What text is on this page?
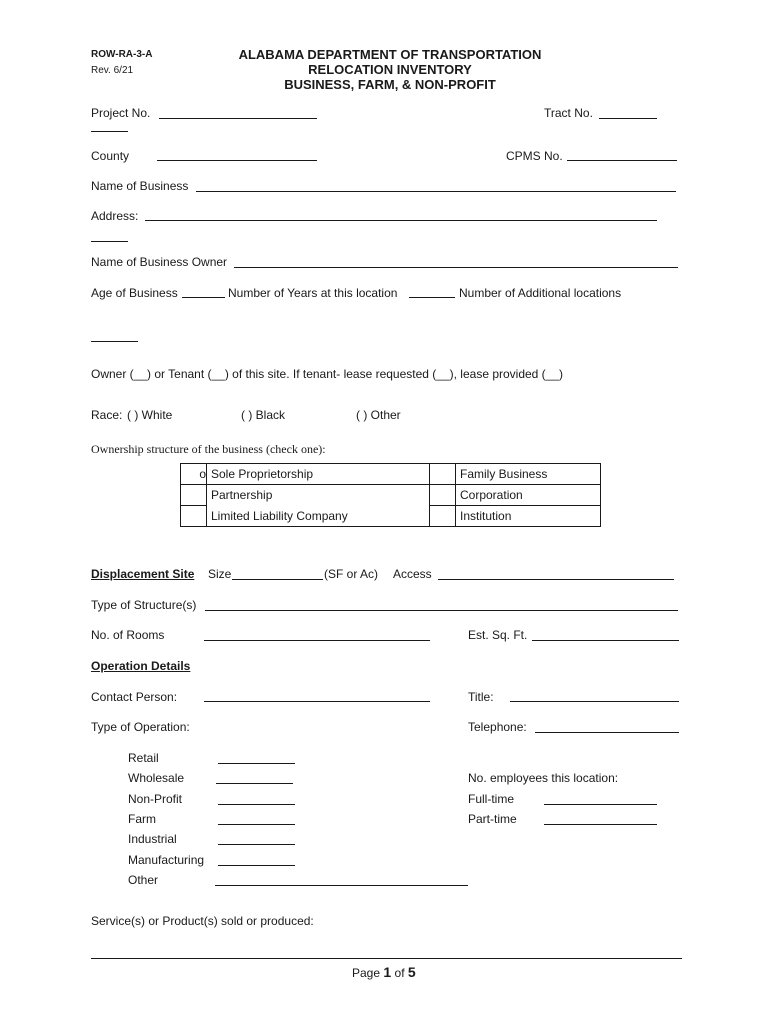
ROW-RA-3-A
Rev. 6/21
ALABAMA DEPARTMENT OF TRANSPORTATION
RELOCATION INVENTORY
BUSINESS, FARM, & NON-PROFIT
Project No.	Tract No.
County	CPMS No.
Name of Business
Address:
Name of Business Owner
Age of Business	Number of Years at this location	Number of Additional locations
Owner (__) or Tenant (__) of this site. If tenant- lease requested (__), lease provided (__)
Race: ( ) White	( ) Black	( ) Other
Ownership structure of the business (check one):
o	Sole Proprietorship		Family Business
	Partnership		Corporation
	Limited Liability Company		Institution
Displacement Site Size	(SF or Ac) Access
Type of Structure(s)
No. of Rooms	Est. Sq. Ft.
Operation Details
Contact Person:	Title:
Type of Operation:	Telephone:
Retail
Wholesale
Non-Profit
Farm
Industrial
Manufacturing
Other
No. employees this location:
Full-time
Part-time
Service(s) or Product(s) sold or produced:
Page 1 of 5
